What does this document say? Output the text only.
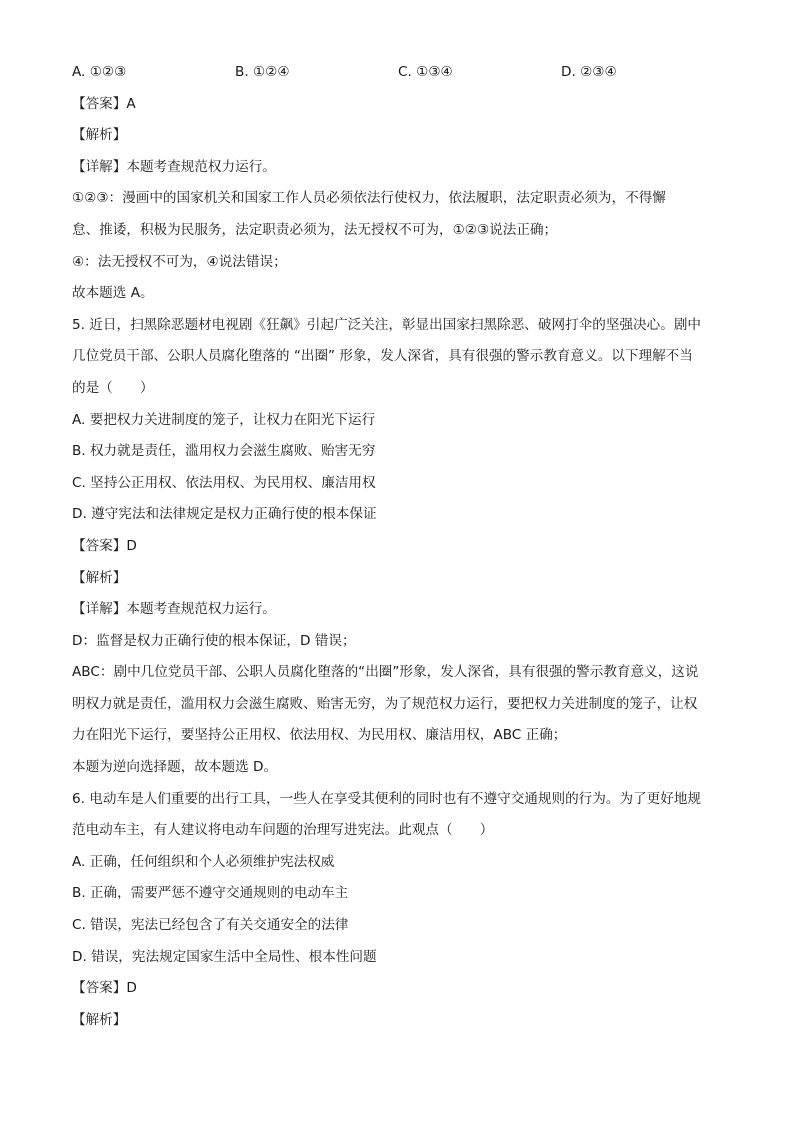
A. ①②③	B. ①②④	C. ①③④	D. ②③④
【答案】A
【解析】
【详解】本题考查规范权力运行。
①②③：漫画中的国家机关和国家工作人员必须依法行使权力，依法履职，法定职责必须为，不得懈
怠、推诿，积极为民服务，法定职责必须为，法无授权不可为，①②③说法正确；
④：法无授权不可为，④说法错误；
故本题选 A。
5. 近日，扫黑除恶题材电视剧《狂飙》引起广泛关注，彰显出国家扫黑除恶、破网打伞的坚强决心。剧中
几位党员干部、公职人员腐化堕落的 “出圈” 形象，发人深省，具有很强的警示教育意义。以下理解不当
的是（　　）
A. 要把权力关进制度的笼子，让权力在阳光下运行
B. 权力就是责任，滥用权力会滋生腐败、贻害无穷
C. 坚持公正用权、依法用权、为民用权、廉洁用权
D. 遵守宪法和法律规定是权力正确行使的根本保证
【答案】D
【解析】
【详解】本题考查规范权力运行。
D：监督是权力正确行使的根本保证，D 错误；
ABC：剧中几位党员干部、公职人员腐化堕落的“出圈”形象，发人深省，具有很强的警示教育意义，这说
明权力就是责任，滥用权力会滋生腐败、贻害无穷，为了规范权力运行，要把权力关进制度的笼子，让权
力在阳光下运行，要坚持公正用权、依法用权、为民用权、廉洁用权，ABC 正确；
本题为逆向选择题，故本题选 D。
6. 电动车是人们重要的出行工具，一些人在享受其便利的同时也有不遵守交通规则的行为。为了更好地规
范电动车主，有人建议将电动车问题的治理写进宪法。此观点（　　）
A. 正确，任何组织和个人必须维护宪法权威
B. 正确，需要严惩不遵守交通规则的电动车主
C. 错误，宪法已经包含了有关交通安全的法律
D. 错误，宪法规定国家生活中全局性、根本性问题
【答案】D
【解析】
